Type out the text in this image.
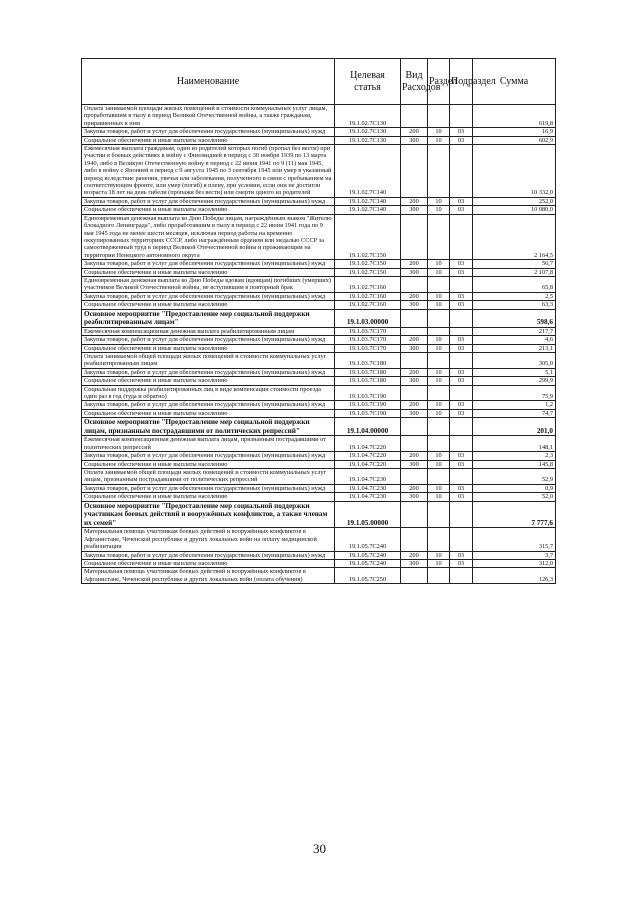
Наименование	Целевая статья	Вид Расходов	Раздел	Подраздел	Сумма
Оплата занимаемой площади жилых помещений и стоимости коммунальных услуг лицам, проработавшим в тылу в период Великой Отечественной войны, а также гражданам, приравненных к ним	19.1.02.7С130				619,8
Закупка товаров, работ и услуг для обеспечения государственных (муниципальных) нужд	19.1.02.7С130	200	10	03	16,9
Социальное обеспечение и иные выплаты населению	19.1.02.7С130	300	10	03	602,9
Ежемесячная выплата гражданам, один из родителей которых погиб (пропал без вести) при участии в боевых действиях в войну с Финляндией в период с 30 ноября 1939 по 13 марта 1940, либо в Великую Отечественную войну в период с 22 июня 1941 по 9 (11) мая 1945, либо в войну с Японией в период с 9 августа 1945 по 3 сентября 1945 или умер в указанный период вследствие ранения, увечья или заболевания, полученного в связи с пребыванием на соответствующем фронте, или умер (погиб) в плену, при условии, если они не достигли возраста 18 лет на день гибели (пропажи без вести) или смерти одного из родителей	19.1.02.7С140				10 332,0
Закупка товаров, работ и услуг для обеспечения государственных (муниципальных) нужд	19.1.02.7С140	200	10	03	252,0
Социальное обеспечение и иные выплаты населению	19.1.02.7С140	300	10	03	10 080,0
Единовременная денежная выплата ко Дню Победы лицам, награждённым знаком "Жителю блокадного Ленинграда", либо проработавшим в тылу в период с 22 июня 1941 года по 9 мая 1945 года не менее шести месяцев, исключая период работы на временно оккупированных территориях СССР, либо награждённым орденом или медалью СССР за самоотверженный труд в период Великой Отечественной войны и проживающим на территории Ненецкого автономного округа	19.1.02.7С150				2 164,5
Закупка товаров, работ и услуг для обеспечения государственных (муниципальных) нужд	19.1.02.7С150	200	10	03	56,7
Социальное обеспечение и иные выплаты населению	19.1.02.7С150	300	10	03	2 107,8
Единовременная денежная выплата ко Дню Победы вдовам (вдовцам) погибших (умерших) участников Великой Отечественной войны, не вступившим в повторный брак	19.1.02.7С160				65,8
Закупка товаров, работ и услуг для обеспечения государственных (муниципальных) нужд	19.1.02.7С160	200	10	03	2,5
Социальное обеспечение и иные выплаты населению	19.1.02.7С160	300	10	03	63,3
Основное мероприятие "Предоставление мер социальной поддержки реабилитированным лицам"	19.1.03.00000				598,6
Ежемесячная компенсационная денежная выплата реабилитированным лицам	19.1.03.7С170				217,7
Закупка товаров, работ и услуг для обеспечения государственных (муниципальных) нужд	19.1.03.7С170	200	10	03	4,6
Социальное обеспечение и иные выплаты населению	19.1.03.7С170	300	10	03	213,1
Оплата занимаемой общей площади жилых помещений и стоимости коммунальных услуг реабилитированным лицам	19.1.03.7С180				305,0
Закупка товаров, работ и услуг для обеспечения государственных (муниципальных) нужд	19.1.03.7С180	200	10	03	5,1
Социальное обеспечение и иные выплаты населению	19.1.03.7С180	300	10	03	299,9
Социальная поддержка реабилитированных лиц в виде компенсации стоимости проезда один раз в год (туда и обратно)	19.1.03.7С190				75,9
Закупка товаров, работ и услуг для обеспечения государственных (муниципальных) нужд	19.1.03.7С190	200	10	03	1,2
Социальное обеспечение и иные выплаты населению	19.1.03.7С190	300	10	03	74,7
Основное мероприятие "Предоставление мер социальной поддержки лицам, признанным пострадавшими от политических репрессий"	19.1.04.00000				201,0
Ежемесячная компенсационная денежная выплата лицам, признанным пострадавшими от политических репрессий	19.1.04.7С220				148,1
Закупка товаров, работ и услуг для обеспечения государственных (муниципальных) нужд	19.1.04.7С220	200	10	03	2,3
Социальное обеспечение и иные выплаты населению	19.1.04.7С220	300	10	03	145,8
Оплата занимаемой общей площади жилых помещений и стоимости коммунальных услуг лицам, признанным пострадавшими от политических репрессий	19.1.04.7С230				52,9
Закупка товаров, работ и услуг для обеспечения государственных (муниципальных) нужд	19.1.04.7С230	200	10	03	0,9
Социальное обеспечение и иные выплаты населению	19.1.04.7С230	300	10	03	52,0
Основное мероприятие "Предоставление мер социальной поддержки участникам боевых действий и вооружённых конфликтов, а также членам их семей"	19.1.05.00000				7 777,6
Материальная помощь участникам боевых действий и вооружённых конфликтов в Афганистане, Чеченской республике и других локальных войн на оплату медицинской реабилитации	19.1.05.7С240				315,7
Закупка товаров, работ и услуг для обеспечения государственных (муниципальных) нужд	19.1.05.7С240	200	10	03	3,7
Социальное обеспечение и иные выплаты населению	19.1.05.7С240	300	10	03	312,0
Материальная помощь участникам боевых действий и вооружённых конфликтов в Афганистане, Чеченской республике и других локальных войн (оплата обучения)	19.1.05.7С250				126,3
30
